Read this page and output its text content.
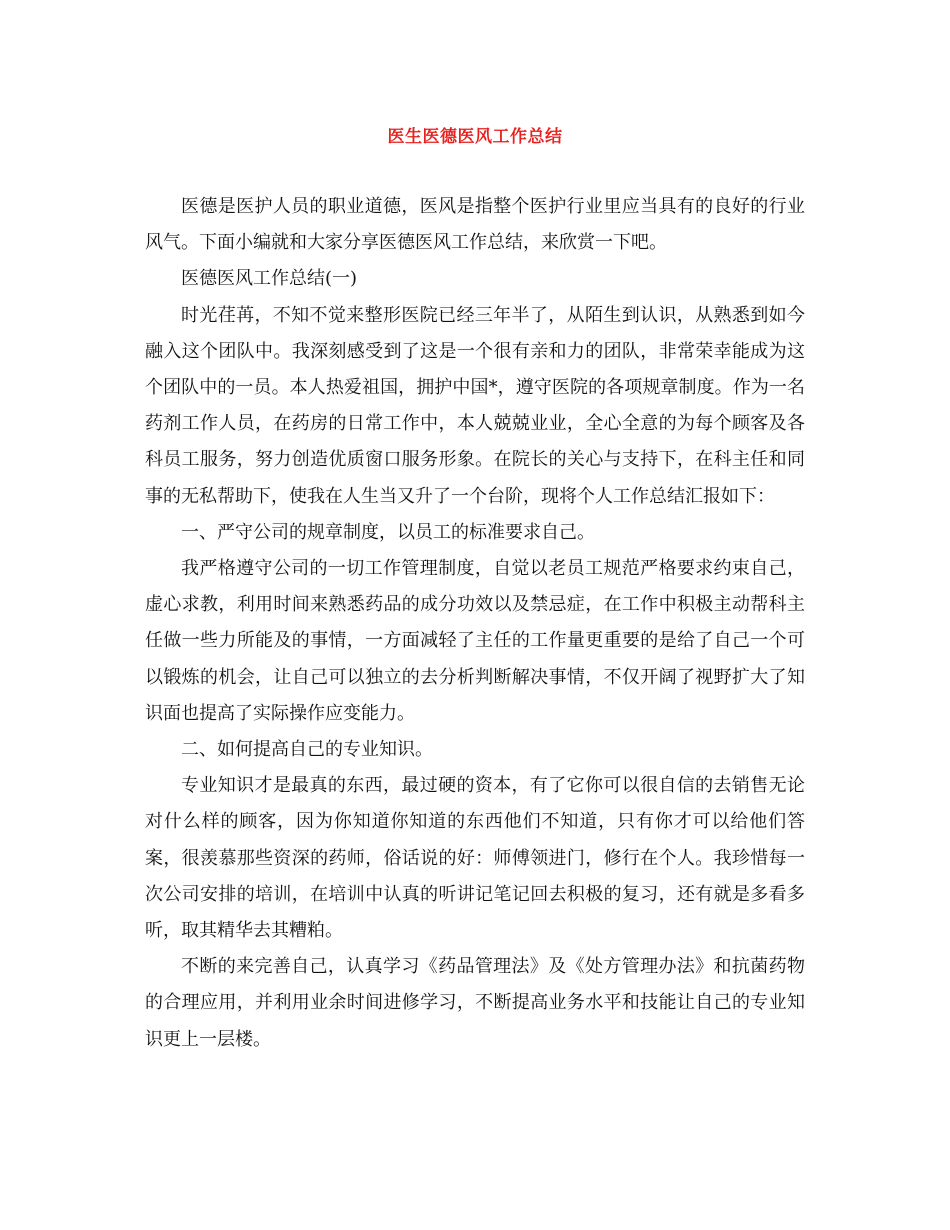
医生医德医风工作总结

医德是医护人员的职业道德，医风是指整个医护行业里应当具有的良好的行业风气。下面小编就和大家分享医德医风工作总结，来欣赏一下吧。

医德医风工作总结(一)

时光荏苒，不知不觉来整形医院已经三年半了，从陌生到认识，从熟悉到如今融入这个团队中。我深刻感受到了这是一个很有亲和力的团队，非常荣幸能成为这个团队中的一员。本人热爱祖国，拥护中国*，遵守医院的各项规章制度。作为一名药剂工作人员，在药房的日常工作中，本人兢兢业业，全心全意的为每个顾客及各科员工服务，努力创造优质窗口服务形象。在院长的关心与支持下，在科主任和同事的无私帮助下，使我在人生当又升了一个台阶，现将个人工作总结汇报如下：

一、严守公司的规章制度，以员工的标准要求自己。

我严格遵守公司的一切工作管理制度，自觉以老员工规范严格要求约束自己，虚心求教，利用时间来熟悉药品的成分功效以及禁忌症，在工作中积极主动帮科主任做一些力所能及的事情，一方面减轻了主任的工作量更重要的是给了自己一个可以锻炼的机会，让自己可以独立的去分析判断解决事情，不仅开阔了视野扩大了知识面也提高了实际操作应变能力。

二、如何提高自己的专业知识。

专业知识才是最真的东西，最过硬的资本，有了它你可以很自信的去销售无论对什么样的顾客，因为你知道你知道的东西他们不知道，只有你才可以给他们答案，很羡慕那些资深的药师，俗话说的好：师傅领进门，修行在个人。我珍惜每一次公司安排的培训，在培训中认真的听讲记笔记回去积极的复习，还有就是多看多听，取其精华去其糟粕。

不断的来完善自己，认真学习《药品管理法》及《处方管理办法》和抗菌药物的合理应用，并利用业余时间进修学习，不断提高业务水平和技能让自己的专业知识更上一层楼。
